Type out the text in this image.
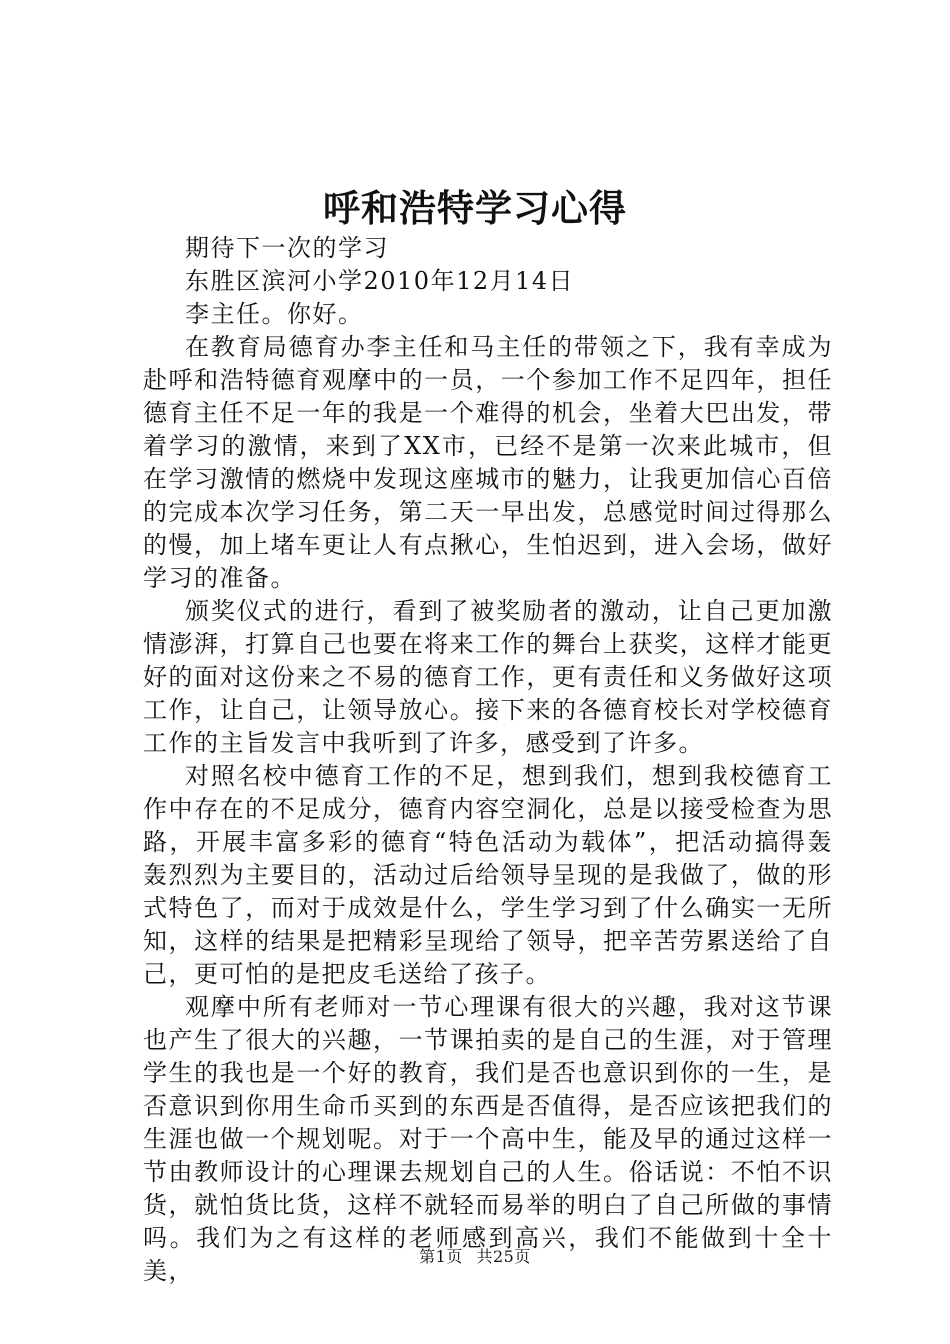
呼和浩特学习心得

期待下一次的学习

东胜区滨河小学2010年12月14日

李主任。你好。

在教育局德育办李主任和马主任的带领之下，我有幸成为赴呼和浩特德育观摩中的一员，一个参加工作不足四年，担任德育主任不足一年的我是一个难得的机会，坐着大巴出发，带着学习的激情，来到了XX市，已经不是第一次来此城市，但在学习激情的燃烧中发现这座城市的魅力，让我更加信心百倍的完成本次学习任务，第二天一早出发，总感觉时间过得那么的慢，加上堵车更让人有点揪心，生怕迟到，进入会场，做好学习的准备。

颁奖仪式的进行，看到了被奖励者的激动，让自己更加激情澎湃，打算自己也要在将来工作的舞台上获奖，这样才能更好的面对这份来之不易的德育工作，更有责任和义务做好这项工作，让自己，让领导放心。接下来的各德育校长对学校德育工作的主旨发言中我听到了许多，感受到了许多。

对照名校中德育工作的不足，想到我们，想到我校德育工作中存在的不足成分，德育内容空洞化，总是以接受检查为思路，开展丰富多彩的德育“特色活动为载体”，把活动搞得轰轰烈烈为主要目的，活动过后给领导呈现的是我做了，做的形式特色了，而对于成效是什么，学生学习到了什么确实一无所知，这样的结果是把精彩呈现给了领导，把辛苦劳累送给了自己，更可怕的是把皮毛送给了孩子。

观摩中所有老师对一节心理课有很大的兴趣，我对这节课也产生了很大的兴趣，一节课拍卖的是自己的生涯，对于管理学生的我也是一个好的教育，我们是否也意识到你的一生，是否意识到你用生命币买到的东西是否值得，是否应该把我们的生涯也做一个规划呢。对于一个高中生，能及早的通过这样一节由教师设计的心理课去规划自己的人生。俗话说：不怕不识货，就怕货比货，这样不就轻而易举的明白了自己所做的事情吗。我们为之有这样的老师感到高兴，我们不能做到十全十美，

第1页 共25页
